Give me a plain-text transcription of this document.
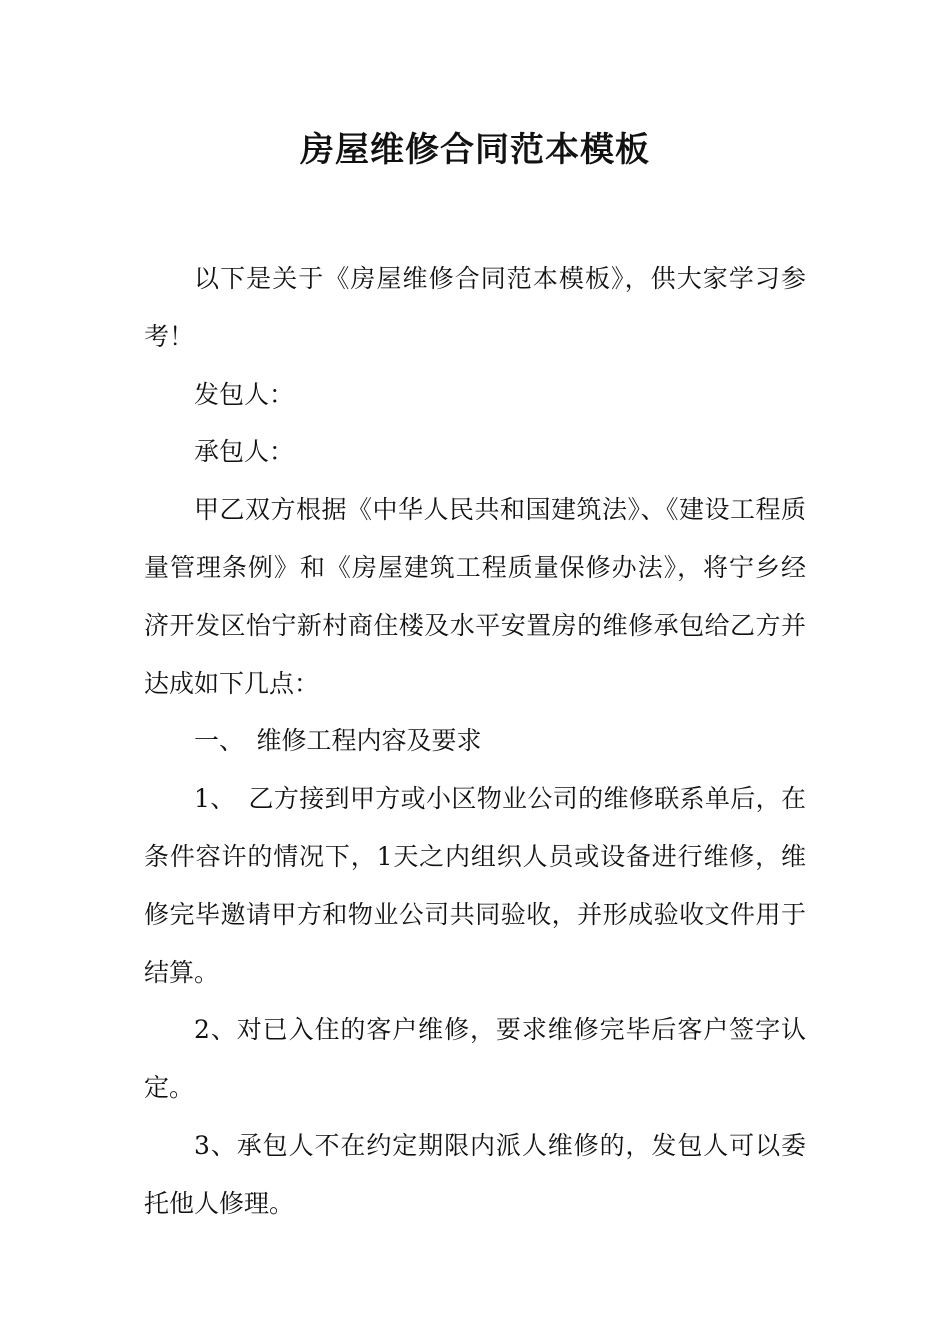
房屋维修合同范本模板

以下是关于《房屋维修合同范本模板》，供大家学习参考！

发包人：

承包人：

甲乙双方根据《中华人民共和国建筑法》、《建设工程质量管理条例》和《房屋建筑工程质量保修办法》，将宁乡经济开发区怡宁新村商住楼及水平安置房的维修承包给乙方并达成如下几点：

一、　维修工程内容及要求

1、　乙方接到甲方或小区物业公司的维修联系单后，在条件容许的情况下，1天之内组织人员或设备进行维修，维修完毕邀请甲方和物业公司共同验收，并形成验收文件用于结算。

2、对已入住的客户维修，要求维修完毕后客户签字认定。

3、承包人不在约定期限内派人维修的，发包人可以委托他人修理。
